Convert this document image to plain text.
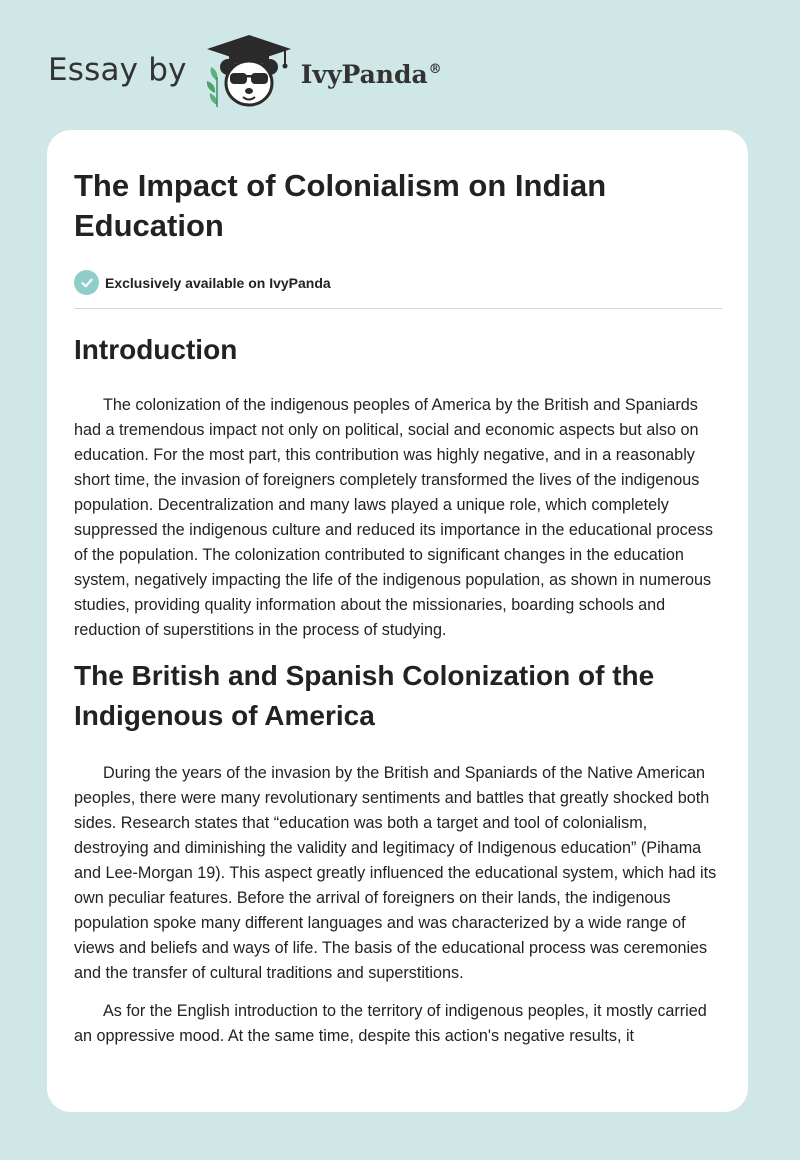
Essay by	IvyPanda®
The Impact of Colonialism on Indian Education
Exclusively available on IvyPanda
Introduction

The colonization of the indigenous peoples of America by the British and Spaniards had a tremendous impact not only on political, social and economic aspects but also on education. For the most part, this contribution was highly negative, and in a reasonably short time, the invasion of foreigners completely transformed the lives of the indigenous population. Decentralization and many laws played a unique role, which completely suppressed the indigenous culture and reduced its importance in the educational process of the population. The colonization contributed to significant changes in the education system, negatively impacting the life of the indigenous population, as shown in numerous studies, providing quality information about the missionaries, boarding schools and reduction of superstitions in the process of studying.

The British and Spanish Colonization of the Indigenous of America

During the years of the invasion by the British and Spaniards of the Native American peoples, there were many revolutionary sentiments and battles that greatly shocked both sides. Research states that “education was both a target and tool of colonialism, destroying and diminishing the validity and legitimacy of Indigenous education” (Pihama and Lee-Morgan 19). This aspect greatly influenced the educational system, which had its own peculiar features. Before the arrival of foreigners on their lands, the indigenous population spoke many different languages and was characterized by a wide range of views and beliefs and ways of life. The basis of the educational process was ceremonies and the transfer of cultural traditions and superstitions.

As for the English introduction to the territory of indigenous peoples, it mostly carried an oppressive mood. At the same time, despite this action's negative results, it
